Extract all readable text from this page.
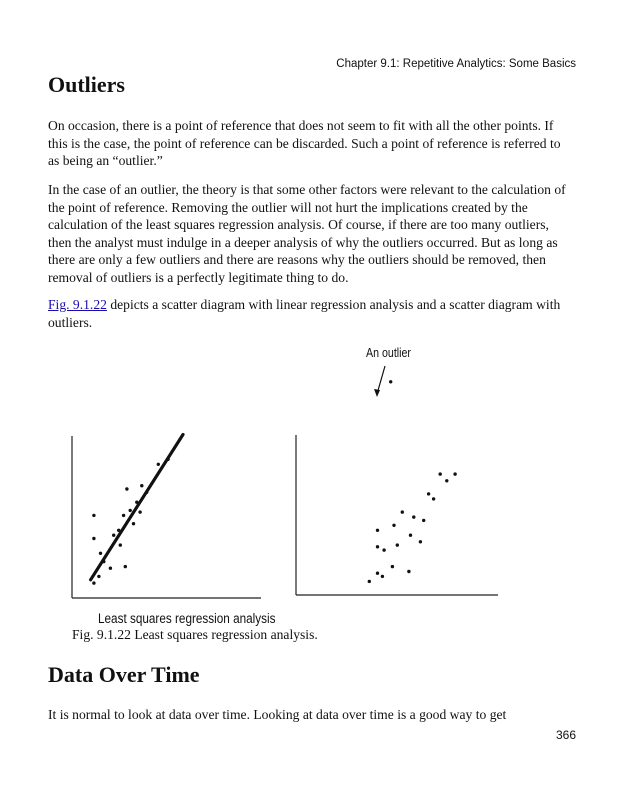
Chapter 9.1: Repetitive Analytics: Some Basics
Outliers

On occasion, there is a point of reference that does not seem to fit with all the other points. If this is the case, the point of reference can be discarded. Such a point of reference is referred to as being an “outlier.”

In the case of an outlier, the theory is that some other factors were relevant to the calculation of the point of reference. Removing the outlier will not hurt the implications created by the calculation of the least squares regression analysis. Of course, if there are too many outliers, then the analyst must indulge in a deeper analysis of why the outliers occurred. But as long as there are only a few outliers and there are reasons why the outliers should be removed, then removal of outliers is a perfectly legitimate thing to do.

Fig. 9.1.22 depicts a scatter diagram with linear regression analysis and a scatter diagram with outliers.

An outlier
Least squares regression analysis
Fig. 9.1.22 Least squares regression analysis.
Data Over Time

It is normal to look at data over time. Looking at data over time is a good way to get

366
